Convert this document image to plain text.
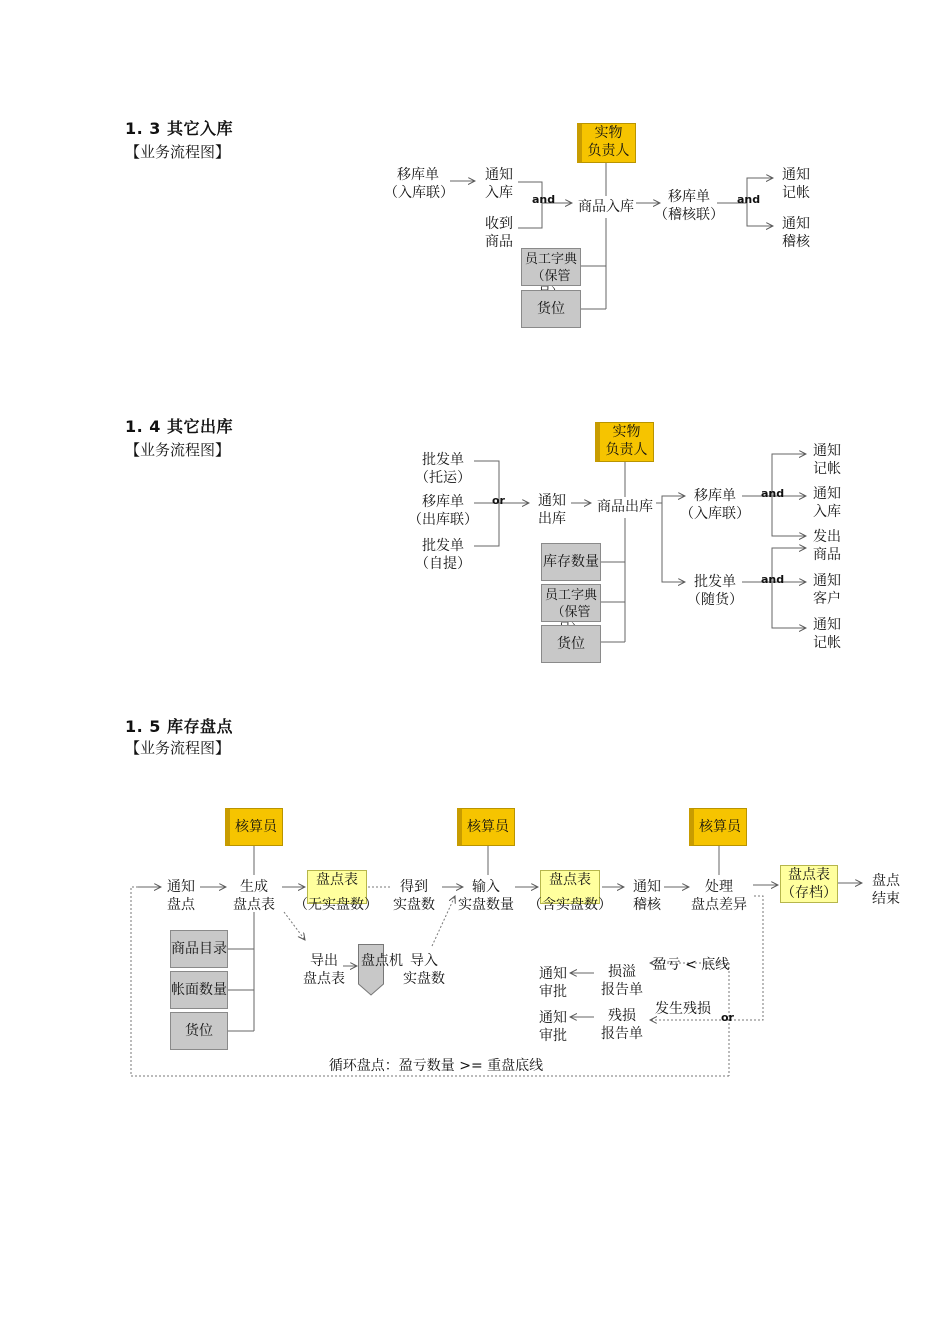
1. 3 其它入库
【业务流程图】
1. 4 其它出库
【业务流程图】
1. 5 库存盘点
【业务流程图】
实物
负责人
移库单
（入库联）
通知
入库
收到
商品
and	商品入库
移库单
（稽核联）
and
通知
记帐
通知
稽核
员工字典
（保管
货位
实物
负责人
批发单
（托运）
移库单
（出库联）
批发单
（自提）
or	通知
出库
商品出库
移库单
（入库联）
批发单
（随货）
and
and
通知
记帐
通知
入库
发出
商品
通知
客户
通知
记帐
库存数量
员工字典
（保管
货位
核算员	核算员	核算员
通知
盘点
生成
盘点表
盘点表
（无实盘数）
得到
实盘数
输入
实盘数量
盘点表
（含实盘数）
通知
稽核
处理
盘点差异
盘点表
（存档）
盘点
结束
商品目录
帐面数量
货位
导出
盘点表
盘点机 导入
实盘数	通知
审批
损溢
报告单
盈亏 < 底线
通知
审批
残损
报告单
发生残损
or
循环盘点：盈亏数量 >= 重盘底线
